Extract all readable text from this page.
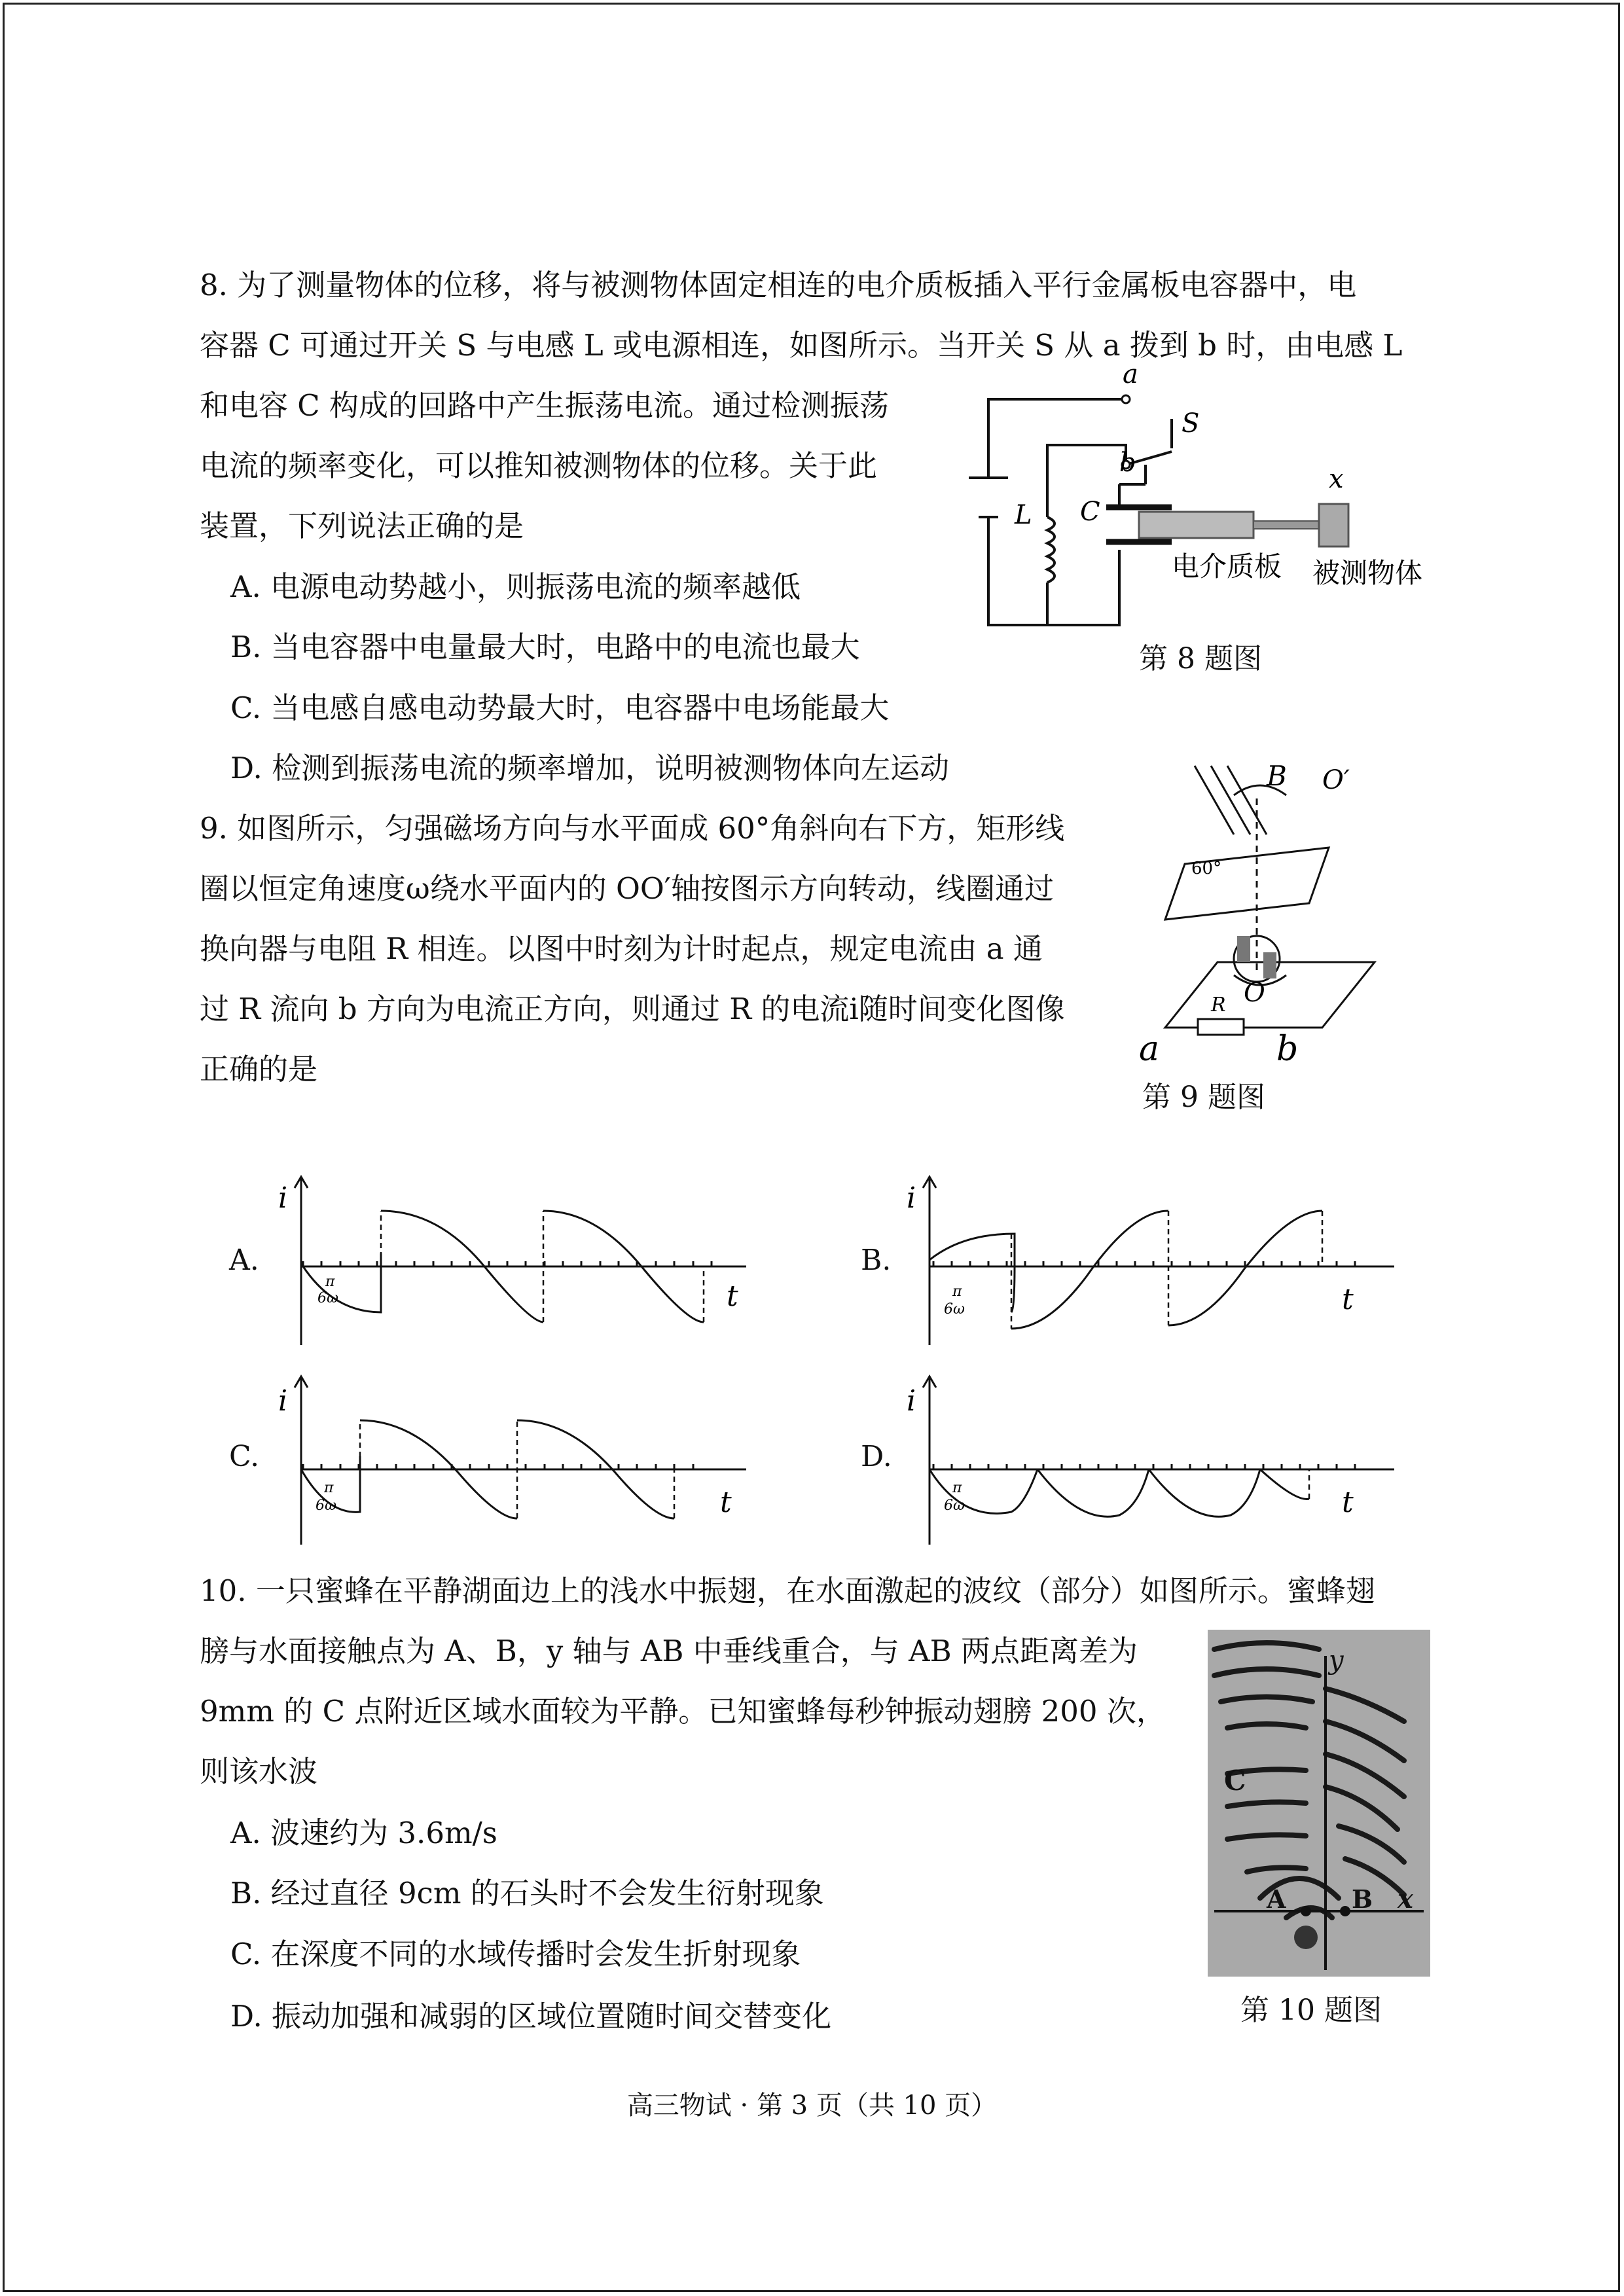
8. 为了测量物体的位移，将与被测物体固定相连的电介质板插入平行金属板电容器中，电
容器 C 可通过开关 S 与电感 L 或电源相连，如图所示。当开关 S 从 a 拨到 b 时，由电感 L
和电容 C 构成的回路中产生振荡电流。通过检测振荡
电流的频率变化，可以推知被测物体的位移。关于此
装置，下列说法正确的是
A. 电源电动势越小，则振荡电流的频率越低
B. 当电容器中电量最大时，电路中的电流也最大
C. 当电感自感电动势最大时，电容器中电场能最大
D. 检测到振荡电流的频率增加，说明被测物体向左运动
a
b
S
L C
x
电介质板 被测物体
第 8 题图
9. 如图所示，匀强磁场方向与水平面成 60°角斜向右下方，矩形线
圈以恒定角速度ω绕水平面内的 OO′轴按图示方向转动，线圈通过
换向器与电阻 R 相连。以图中时刻为计时起点，规定电流由 a 通
过 R 流向 b 方向为电流正方向，则通过 R 的电流i随时间变化图像
正确的是
B O′
O
60°
R
a	b
第 9 题图
A.
i
t
π
6ω
B.
i
t
π
6ω
C.
i
t
π
6ω
D.
i
t
π
6ω
10. 一只蜜蜂在平静湖面边上的浅水中振翅，在水面激起的波纹（部分）如图所示。蜜蜂翅
膀与水面接触点为 A、B，y 轴与 AB 中垂线重合，与 AB 两点距离差为
9mm 的 C 点附近区域水面较为平静。已知蜜蜂每秒钟振动翅膀 200 次，
则该水波
A. 波速约为 3.6m/s
B. 经过直径 9cm 的石头时不会发生衍射现象
C. 在深度不同的水域传播时会发生折射现象
D. 振动加强和减弱的区域位置随时间交替变化
y
C
A	B x
第 10 题图
高三物试 · 第 3 页（共 10 页）
